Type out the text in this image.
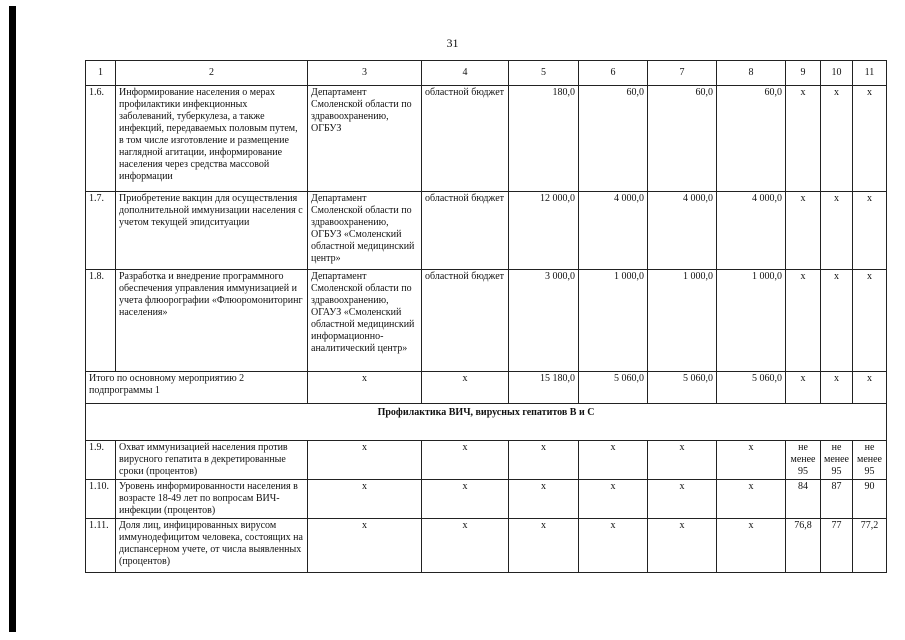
31
1	2	3	4	5	6	7	8	9	10	11
1.6.	Информирование населения о мерах профилактики инфекционных заболеваний, туберкулеза, а также инфекций, передаваемых половым путем, в том числе изготовление и размещение наглядной агитации, информирование населения через средства массовой информации	Департамент Смоленской области по здравоохранению, ОГБУЗ	областной бюджет	180,0	60,0	60,0	60,0	x	x	x
1.7.	Приобретение вакцин для осуществления дополнительной иммунизации населения с учетом текущей эпидситуации	Департамент Смоленской области по здравоохранению, ОГБУЗ «Смоленский областной медицинский центр»	областной бюджет	12 000,0	4 000,0	4 000,0	4 000,0	x	x	x
1.8.	Разработка и внедрение программного обеспечения управления иммунизацией и учета флюорографии «Флюоромониторинг населения»	Департамент Смоленской области по здравоохранению, ОГАУЗ «Смоленский областной медицинский информационно-аналитический центр»	областной бюджет	3 000,0	1 000,0	1 000,0	1 000,0	x	x	x
Итого по основному мероприятию 2 подпрограммы 1		x	x	15 180,0	5 060,0	5 060,0	5 060,0	x	x	x
Профилактика ВИЧ, вирусных гепатитов В и С										
1.9.	Охват иммунизацией населения против вирусного гепатита в декретированные сроки (процентов)	x	x	x	x	x	x	не менее 95	не менее 95	не менее 95
1.10.	Уровень информированности населения в возрасте 18-49 лет по вопросам ВИЧ-инфекции (процентов)	x	x	x	x	x	x	84	87	90
1.11.	Доля лиц, инфицированных вирусом иммунодефицитом человека, состоящих на диспансерном учете, от числа выявленных (процентов)	x	x	x	x	x	x	76,8	77	77,2
